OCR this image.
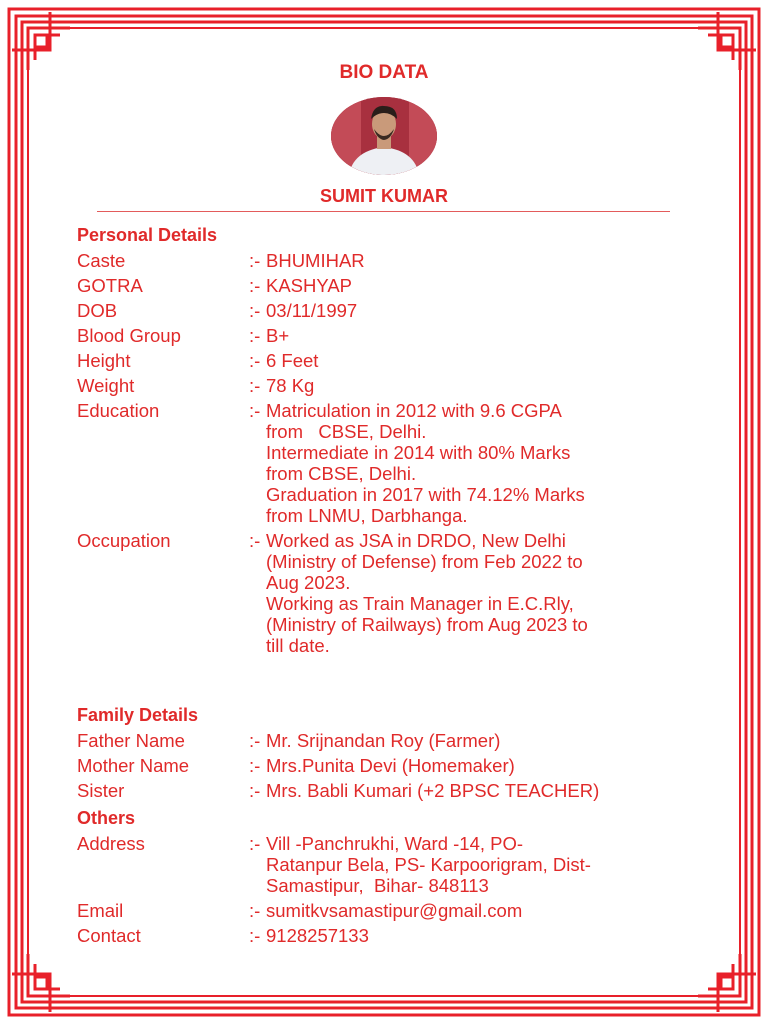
BIO DATA
SUMIT KUMAR
Personal Details
Caste	:- BHUMIHAR
GOTRA	:- KASHYAP
DOB	:- 03/11/1997
Blood Group	:- B+
Height	:- 6 Feet
Weight	:- 78 Kg
Education	:- Matriculation in 2012 with 9.6 CGPA
from   CBSE, Delhi.
Intermediate in 2014 with 80% Marks
from CBSE, Delhi.
Graduation in 2017 with 74.12% Marks
from LNMU, Darbhanga.
Occupation	:- Worked as JSA in DRDO, New Delhi
(Ministry of Defense) from Feb 2022 to
Aug 2023.
Working as Train Manager in E.C.Rly,
(Ministry of Railways) from Aug 2023 to
till date.
Family Details
Father Name	:- Mr. Srijnandan Roy (Farmer)
Mother Name	:- Mrs.Punita Devi (Homemaker)
Sister	:- Mrs. Babli Kumari (+2 BPSC TEACHER)
Others
Address	:- Vill -Panchrukhi, Ward -14, PO-
Ratanpur Bela, PS- Karpoorigram, Dist-
Samastipur,  Bihar- 848113
Email	:- sumitkvsamastipur@gmail.com
Contact	:- 9128257133
